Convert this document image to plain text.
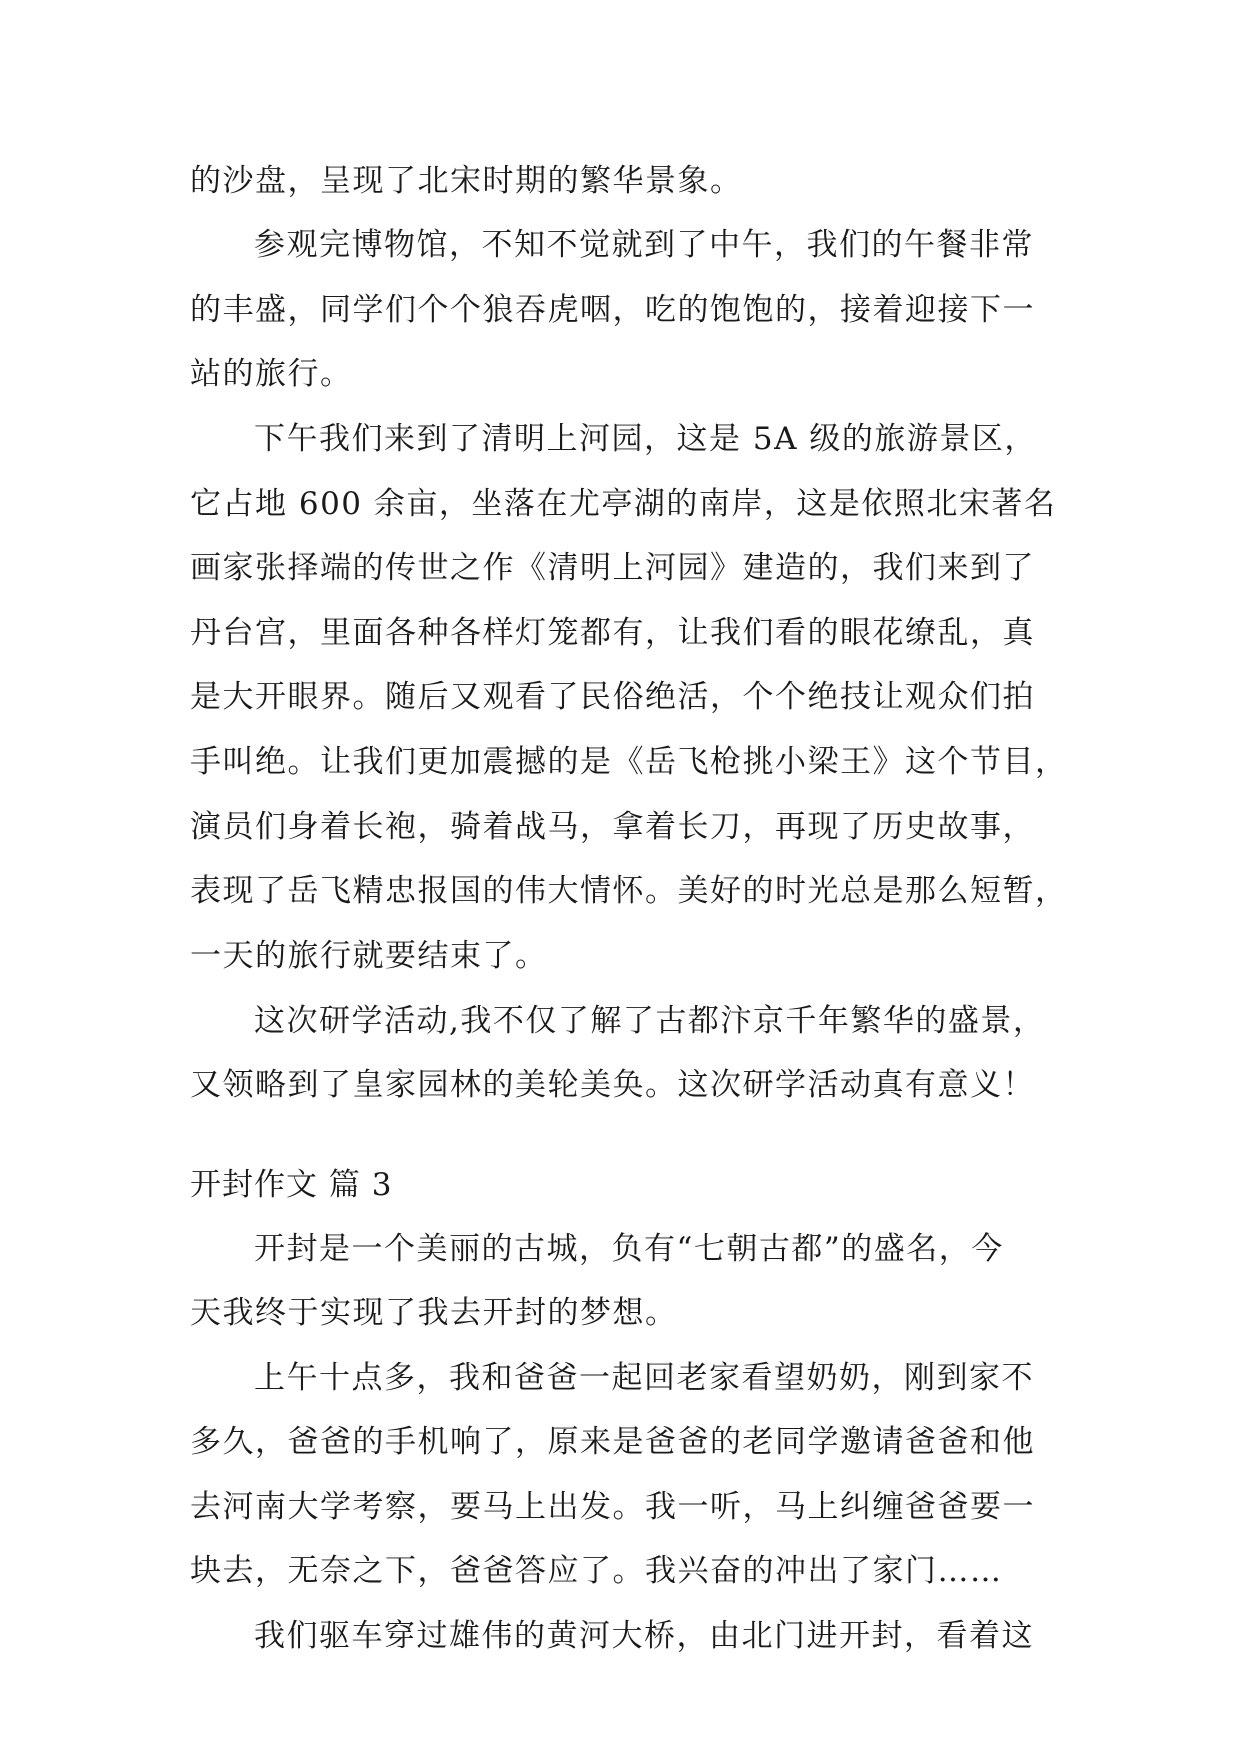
的沙盘，呈现了北宋时期的繁华景象。
参观完博物馆，不知不觉就到了中午，我们的午餐非常
的丰盛，同学们个个狼吞虎咽，吃的饱饱的，接着迎接下一
站的旅行。
下午我们来到了清明上河园，这是 5A 级的旅游景区，
它占地 600 余亩，坐落在尤亭湖的南岸，这是依照北宋著名
画家张择端的传世之作《清明上河园》建造的，我们来到了
丹台宫，里面各种各样灯笼都有，让我们看的眼花缭乱，真
是大开眼界。随后又观看了民俗绝活，个个绝技让观众们拍
手叫绝。让我们更加震撼的是《岳飞枪挑小梁王》这个节目，
演员们身着长袍，骑着战马，拿着长刀，再现了历史故事，
表现了岳飞精忠报国的伟大情怀。美好的时光总是那么短暂，
一天的旅行就要结束了。
这次研学活动,我不仅了解了古都汴京千年繁华的盛景，
又领略到了皇家园林的美轮美奂。这次研学活动真有意义！
开封作文 篇 3
开封是一个美丽的古城，负有“七朝古都”的盛名，今
天我终于实现了我去开封的梦想。
上午十点多，我和爸爸一起回老家看望奶奶，刚到家不
多久，爸爸的手机响了，原来是爸爸的老同学邀请爸爸和他
去河南大学考察，要马上出发。我一听，马上纠缠爸爸要一
块去，无奈之下，爸爸答应了。我兴奋的冲出了家门……
我们驱车穿过雄伟的黄河大桥，由北门进开封，看着这
